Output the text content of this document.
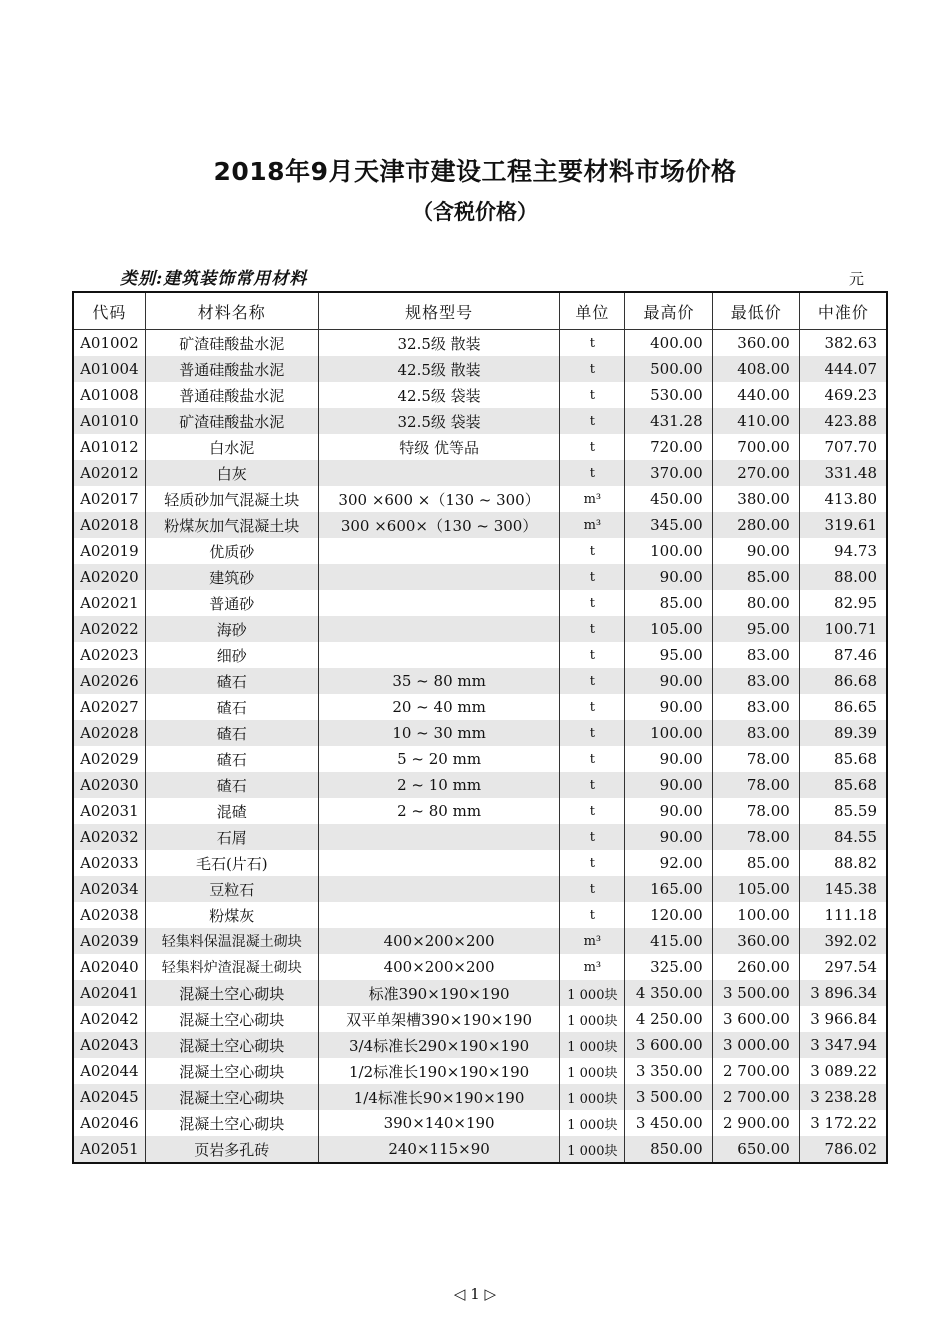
2018年9月天津市建设工程主要材料市场价格
（含税价格）
类别:建筑装饰常用材料	元
代码	材料名称	规格型号	单位	最高价	最低价	中准价
A01002	矿渣硅酸盐水泥	32.5级 散装	t	400.00	360.00	382.63
A01004	普通硅酸盐水泥	42.5级 散装	t	500.00	408.00	444.07
A01008	普通硅酸盐水泥	42.5级 袋装	t	530.00	440.00	469.23
A01010	矿渣硅酸盐水泥	32.5级 袋装	t	431.28	410.00	423.88
A01012	白水泥	特级 优等品	t	720.00	700.00	707.70
A02012	白灰		t	370.00	270.00	331.48
A02017	轻质砂加气混凝土块	300 ×600 ×（130 ~ 300）	m³	450.00	380.00	413.80
A02018	粉煤灰加气混凝土块	300 ×600×（130 ~ 300）	m³	345.00	280.00	319.61
A02019	优质砂		t	100.00	90.00	94.73
A02020	建筑砂		t	90.00	85.00	88.00
A02021	普通砂		t	85.00	80.00	82.95
A02022	海砂		t	105.00	95.00	100.71
A02023	细砂		t	95.00	83.00	87.46
A02026	碴石	35 ~ 80 mm	t	90.00	83.00	86.68
A02027	碴石	20 ~ 40 mm	t	90.00	83.00	86.65
A02028	碴石	10 ~ 30 mm	t	100.00	83.00	89.39
A02029	碴石	5 ~ 20 mm	t	90.00	78.00	85.68
A02030	碴石	2 ~ 10 mm	t	90.00	78.00	85.68
A02031	混碴	2 ~ 80 mm	t	90.00	78.00	85.59
A02032	石屑		t	90.00	78.00	84.55
A02033	毛石(片石)		t	92.00	85.00	88.82
A02034	豆粒石		t	165.00	105.00	145.38
A02038	粉煤灰		t	120.00	100.00	111.18
A02039	轻集料保温混凝土砌块	400×200×200	m³	415.00	360.00	392.02
A02040	轻集料炉渣混凝土砌块	400×200×200	m³	325.00	260.00	297.54
A02041	混凝土空心砌块	标准390×190×190	1 000块	4 350.00	3 500.00	3 896.34
A02042	混凝土空心砌块	双平单架槽390×190×190	1 000块	4 250.00	3 600.00	3 966.84
A02043	混凝土空心砌块	3/4标准长290×190×190	1 000块	3 600.00	3 000.00	3 347.94
A02044	混凝土空心砌块	1/2标准长190×190×190	1 000块	3 350.00	2 700.00	3 089.22
A02045	混凝土空心砌块	1/4标准长90×190×190	1 000块	3 500.00	2 700.00	3 238.28
A02046	混凝土空心砌块	390×140×190	1 000块	3 450.00	2 900.00	3 172.22
A02051	页岩多孔砖	240×115×90	1 000块	850.00	650.00	786.02
◁ 1 ▷
